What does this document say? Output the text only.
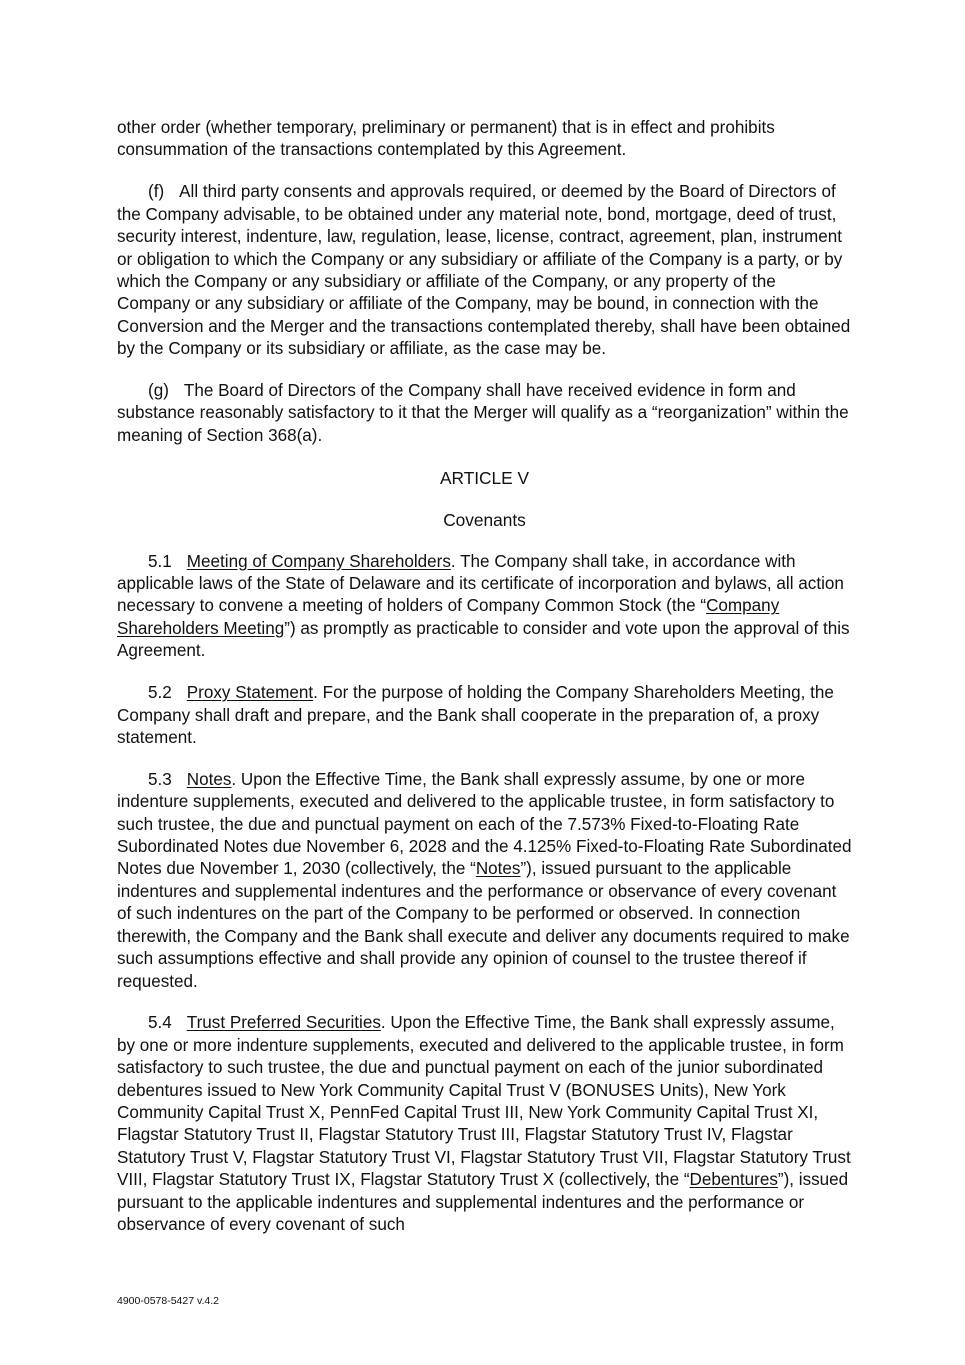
other order (whether temporary, preliminary or permanent) that is in effect and prohibits consummation of the transactions contemplated by this Agreement.

(f) All third party consents and approvals required, or deemed by the Board of Directors of the Company advisable, to be obtained under any material note, bond, mortgage, deed of trust, security interest, indenture, law, regulation, lease, license, contract, agreement, plan, instrument or obligation to which the Company or any subsidiary or affiliate of the Company is a party, or by which the Company or any subsidiary or affiliate of the Company, or any property of the Company or any subsidiary or affiliate of the Company, may be bound, in connection with the Conversion and the Merger and the transactions contemplated thereby, shall have been obtained by the Company or its subsidiary or affiliate, as the case may be.

(g) The Board of Directors of the Company shall have received evidence in form and substance reasonably satisfactory to it that the Merger will qualify as a “reorganization” within the meaning of Section 368(a).

ARTICLE V
Covenants

5.1 Meeting of Company Shareholders. The Company shall take, in accordance with applicable laws of the State of Delaware and its certificate of incorporation and bylaws, all action necessary to convene a meeting of holders of Company Common Stock (the “Company Shareholders Meeting”) as promptly as practicable to consider and vote upon the approval of this Agreement.

5.2 Proxy Statement. For the purpose of holding the Company Shareholders Meeting, the Company shall draft and prepare, and the Bank shall cooperate in the preparation of, a proxy statement.

5.3 Notes. Upon the Effective Time, the Bank shall expressly assume, by one or more indenture supplements, executed and delivered to the applicable trustee, in form satisfactory to such trustee, the due and punctual payment on each of the 7.573% Fixed-to-Floating Rate Subordinated Notes due November 6, 2028 and the 4.125% Fixed-to-Floating Rate Subordinated Notes due November 1, 2030 (collectively, the “Notes”), issued pursuant to the applicable indentures and supplemental indentures and the performance or observance of every covenant of such indentures on the part of the Company to be performed or observed. In connection therewith, the Company and the Bank shall execute and deliver any documents required to make such assumptions effective and shall provide any opinion of counsel to the trustee thereof if requested.

5.4 Trust Preferred Securities. Upon the Effective Time, the Bank shall expressly assume, by one or more indenture supplements, executed and delivered to the applicable trustee, in form satisfactory to such trustee, the due and punctual payment on each of the junior subordinated debentures issued to New York Community Capital Trust V (BONUSES Units), New York Community Capital Trust X, PennFed Capital Trust III, New York Community Capital Trust XI, Flagstar Statutory Trust II, Flagstar Statutory Trust III, Flagstar Statutory Trust IV, Flagstar Statutory Trust V, Flagstar Statutory Trust VI, Flagstar Statutory Trust VII, Flagstar Statutory Trust VIII, Flagstar Statutory Trust IX, Flagstar Statutory Trust X (collectively, the “Debentures”), issued pursuant to the applicable indentures and supplemental indentures and the performance or observance of every covenant of such

4900-0578-5427 v.4.2
